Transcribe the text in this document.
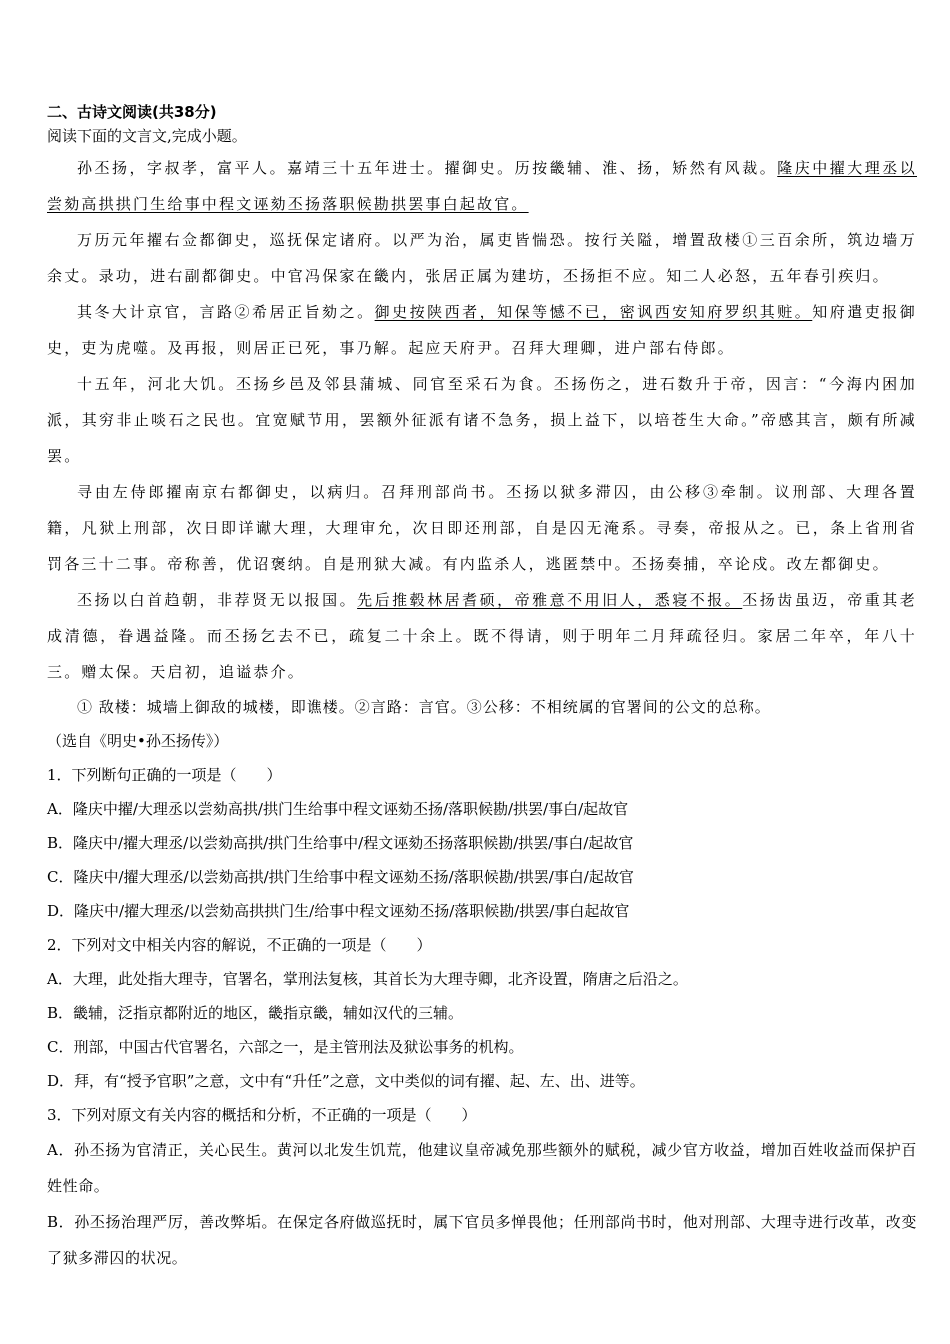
二、古诗文阅读(共38分)

阅读下面的文言文,完成小题。

孙丕扬，字叔孝，富平人。嘉靖三十五年进士。擢御史。历按畿辅、淮、扬，矫然有风裁。隆庆中擢大理丞以尝劾高拱拱门生给事中程文诬劾丕扬落职候勘拱罢事白起故官。

万历元年擢右佥都御史，巡抚保定诸府。以严为治，属吏皆惴恐。按行关隘，增置敌楼①三百余所，筑边墙万余丈。录功，进右副都御史。中官冯保家在畿内，张居正属为建坊，丕扬拒不应。知二人必怒，五年春引疾归。

其冬大计京官，言路②希居正旨劾之。御史按陕西者，知保等憾不已，密讽西安知府罗织其赃。知府遣吏报御史，吏为虎噬。及再报，则居正已死，事乃解。起应天府尹。召拜大理卿，进户部右侍郎。

十五年，河北大饥。丕扬乡邑及邻县蒲城、同官至采石为食。丕扬伤之，进石数升于帝，因言：“今海内困加派，其穷非止啖石之民也。宜宽赋节用，罢额外征派有诸不急务，损上益下，以培苍生大命。”帝感其言，颇有所减罢。

寻由左侍郎擢南京右都御史，以病归。召拜刑部尚书。丕扬以狱多滞囚，由公移③牵制。议刑部、大理各置籍，凡狱上刑部，次日即详谳大理，大理审允，次日即还刑部，自是囚无淹系。寻奏，帝报从之。已，条上省刑省罚各三十二事。帝称善，优诏褒纳。自是刑狱大减。有内监杀人，逃匿禁中。丕扬奏捕，卒论戍。改左都御史。

丕扬以白首趋朝，非荐贤无以报国。先后推毂林居耆硕，帝雅意不用旧人，悉寝不报。丕扬齿虽迈，帝重其老成清德，眷遇益隆。而丕扬乞去不已，疏复二十余上。既不得请，则于明年二月拜疏径归。家居二年卒，年八十三。赠太保。天启初，追谥恭介。

① 敌楼：城墙上御敌的城楼，即谯楼。②言路：言官。③公移：不相统属的官署间的公文的总称。

（选自《明史•孙丕扬传》）

1．下列断句正确的一项是（　　）

A．隆庆中擢/大理丞以尝劾高拱/拱门生给事中程文诬劾丕扬/落职候勘/拱罢/事白/起故官

B．隆庆中/擢大理丞/以尝劾高拱/拱门生给事中/程文诬劾丕扬落职候勘/拱罢/事白/起故官

C．隆庆中/擢大理丞/以尝劾高拱/拱门生给事中程文诬劾丕扬/落职候勘/拱罢/事白/起故官

D．隆庆中/擢大理丞/以尝劾高拱拱门生/给事中程文诬劾丕扬/落职候勘/拱罢/事白起故官

2．下列对文中相关内容的解说，不正确的一项是（　　）

A．大理，此处指大理寺，官署名，掌刑法复核，其首长为大理寺卿，北齐设置，隋唐之后沿之。

B．畿辅，泛指京都附近的地区，畿指京畿，辅如汉代的三辅。

C．刑部，中国古代官署名，六部之一，是主管刑法及狱讼事务的机构。

D．拜，有“授予官职”之意，文中有“升任”之意，文中类似的词有擢、起、左、出、进等。

3．下列对原文有关内容的概括和分析，不正确的一项是（　　）

A．孙丕扬为官清正，关心民生。黄河以北发生饥荒，他建议皇帝减免那些额外的赋税，减少官方收益，增加百姓收益而保护百姓性命。

B．孙丕扬治理严厉，善改弊垢。在保定各府做巡抚时，属下官员多惮畏他；任刑部尚书时，他对刑部、大理寺进行改革，改变了狱多滞囚的状况。
